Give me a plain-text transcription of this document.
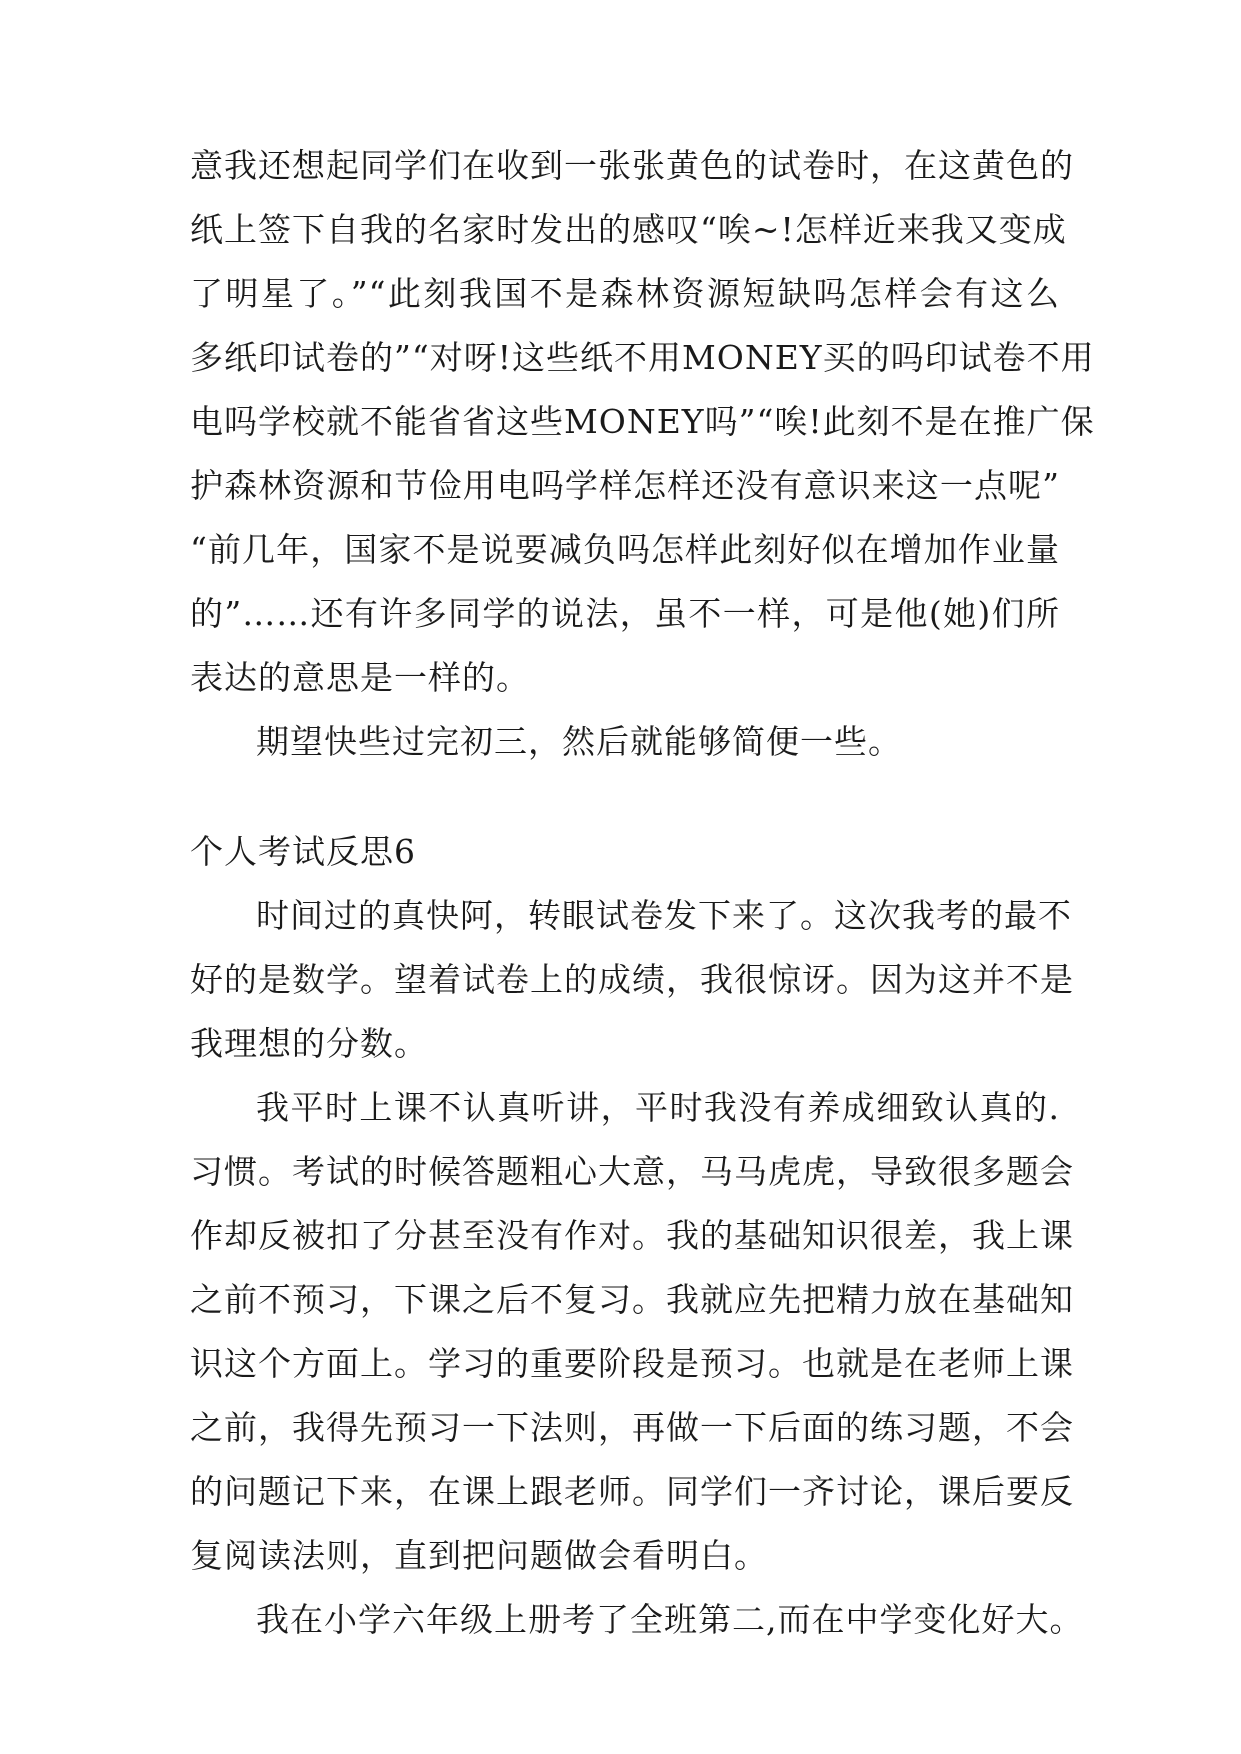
意我还想起同学们在收到一张张黄色的试卷时，在这黄色的
纸上签下自我的名家时发出的感叹“唉~!怎样近来我又变成
了明星了。”“此刻我国不是森林资源短缺吗怎样会有这么
多纸印试卷的”“对呀!这些纸不用MONEY买的吗印试卷不用
电吗学校就不能省省这些MONEY吗”“唉!此刻不是在推广保
护森林资源和节俭用电吗学样怎样还没有意识来这一点呢”
“前几年，国家不是说要减负吗怎样此刻好似在增加作业量
的”……还有许多同学的说法，虽不一样，可是他(她)们所
表达的意思是一样的。
期望快些过完初三，然后就能够简便一些。
个人考试反思6
时间过的真快阿，转眼试卷发下来了。这次我考的最不
好的是数学。望着试卷上的成绩，我很惊讶。因为这并不是
我理想的分数。
我平时上课不认真听讲，平时我没有养成细致认真的.
习惯。考试的时候答题粗心大意，马马虎虎，导致很多题会
作却反被扣了分甚至没有作对。我的基础知识很差，我上课
之前不预习，下课之后不复习。我就应先把精力放在基础知
识这个方面上。学习的重要阶段是预习。也就是在老师上课
之前，我得先预习一下法则，再做一下后面的练习题，不会
的问题记下来，在课上跟老师。同学们一齐讨论，课后要反
复阅读法则，直到把问题做会看明白。
我在小学六年级上册考了全班第二,而在中学变化好大。
